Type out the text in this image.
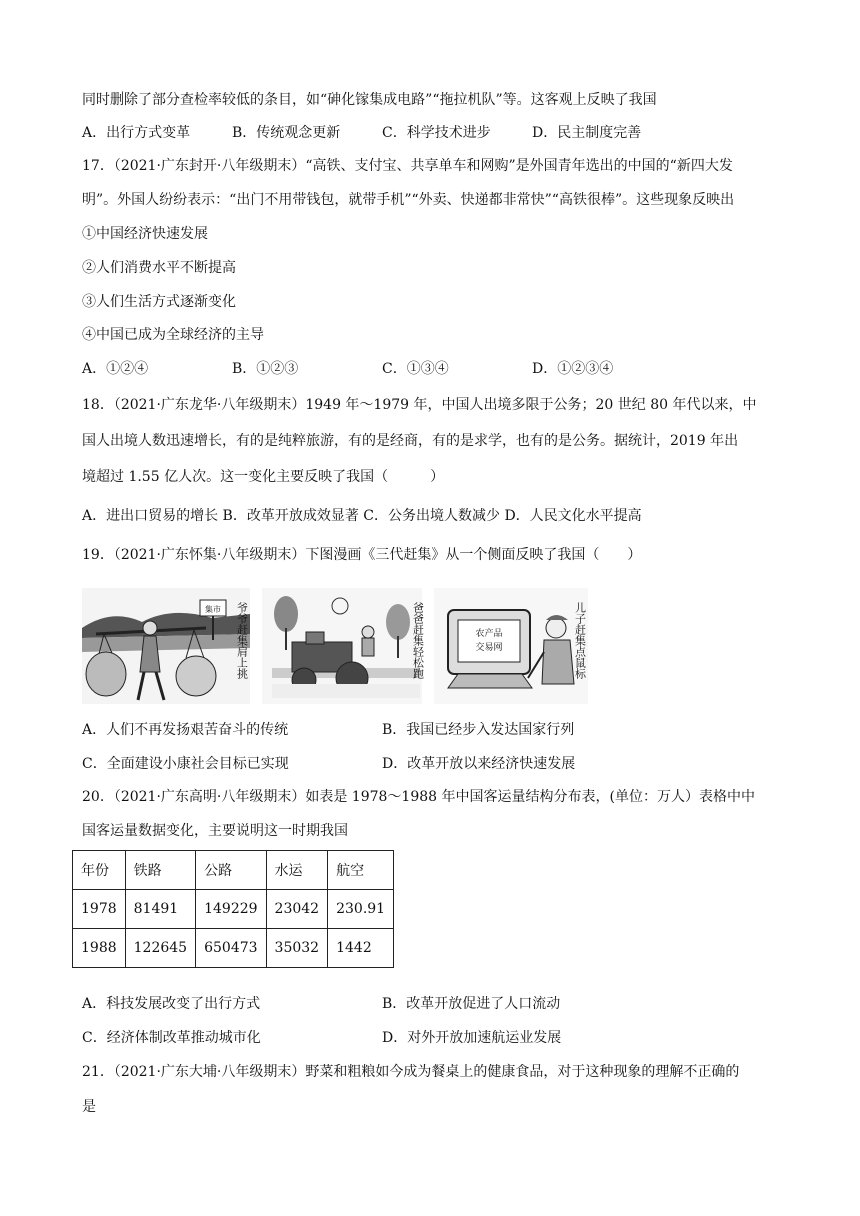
同时删除了部分查检率较低的条目，如“砷化镓集成电路”“拖拉机队”等。这客观上反映了我国
A．出行方式变革	B．传统观念更新	C．科学技术进步	D．民主制度完善
17．（2021·广东封开·八年级期末）“高铁、支付宝、共享单车和网购”是外国青年选出的中国的“新四大发
明”。外国人纷纷表示：“出门不用带钱包，就带手机”“外卖、快递都非常快”“高铁很棒”。这些现象反映出
①中国经济快速发展
②人们消费水平不断提高
③人们生活方式逐渐变化
④中国已成为全球经济的主导
A．①②④	B．①②③	C．①③④	D．①②③④
18．（2021·广东龙华·八年级期末）1949 年～1979 年，中国人出境多限于公务；20 世纪 80 年代以来，中
国人出境人数迅速增长，有的是纯粹旅游，有的是经商，有的是求学，也有的是公务。据统计，2019 年出
境超过 1.55 亿人次。这一变化主要反映了我国（　　　）
A．进出口贸易的增长 B．改革开放成效显著 C．公务出境人数减少 D．人民文化水平提高
19．（2021·广东怀集·八年级期末）下图漫画《三代赶集》从一个侧面反映了我国（　　）
集市 爷爷赶集肩上挑	爸爸赶集轻松跑	农产品
交易网	儿子赶集点鼠标
A．人们不再发扬艰苦奋斗的传统	B．我国已经步入发达国家行列
C．全面建设小康社会目标已实现	D．改革开放以来经济快速发展
20．（2021·广东高明·八年级期末）如表是 1978～1988 年中国客运量结构分布表，(单位：万人）表格中中
国客运量数据变化，主要说明这一时期我国
年份	铁路	公路	水运	航空
1978	81491	149229	23042	230.91
1988	122645	650473	35032	1442
A．科技发展改变了出行方式	B．改革开放促进了人口流动
C．经济体制改革推动城市化	D．对外开放加速航运业发展
21．（2021·广东大埔·八年级期末）野菜和粗粮如今成为餐桌上的健康食品，对于这种现象的理解不正确的
是
